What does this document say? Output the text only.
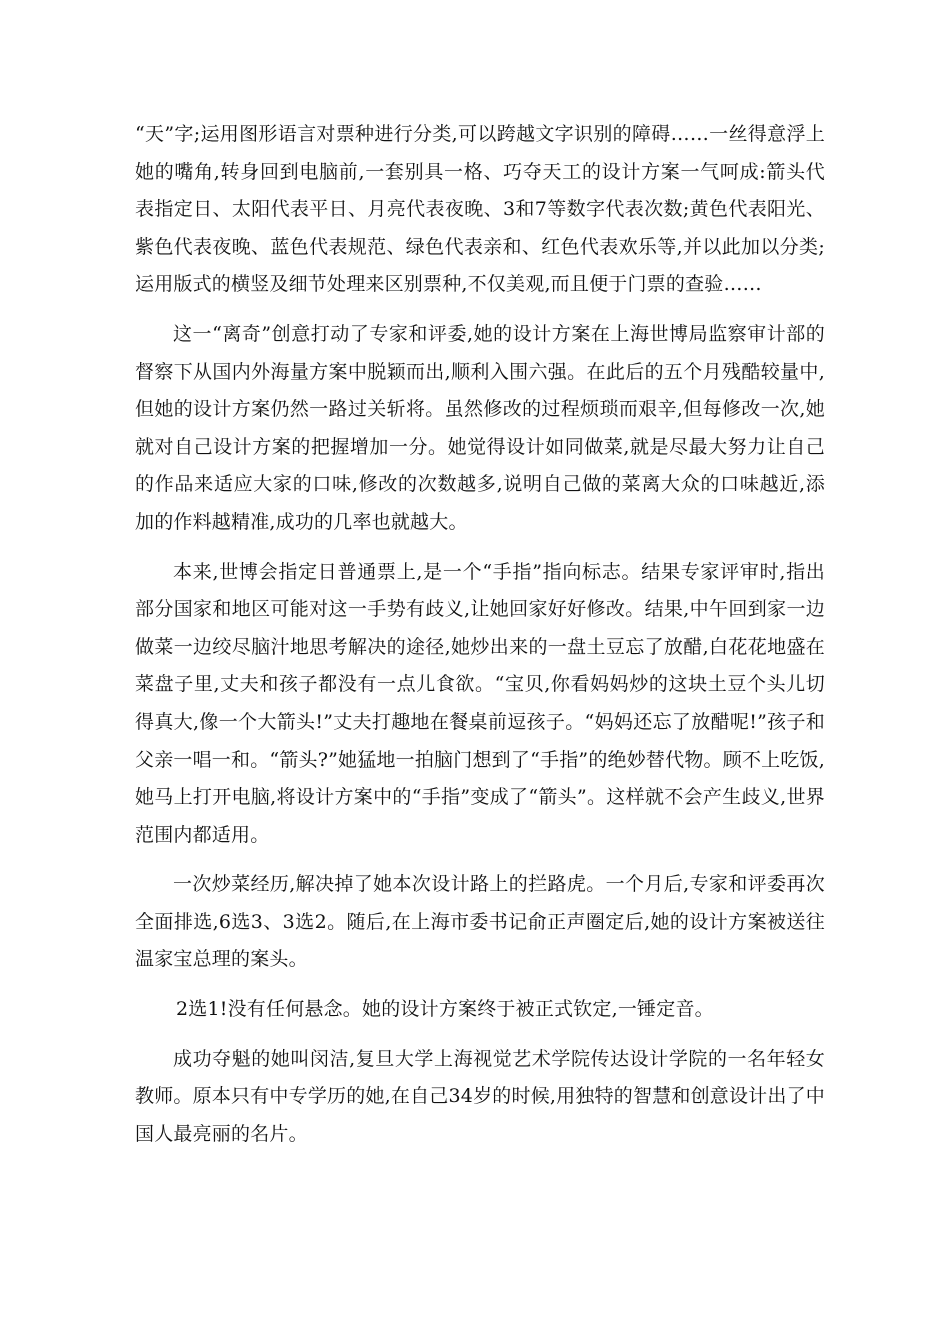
“天”字;运用图形语言对票种进行分类,可以跨越文字识别的障碍……一丝得意浮上她的嘴角,转身回到电脑前,一套别具一格、巧夺天工的设计方案一气呵成:箭头代表指定日、太阳代表平日、月亮代表夜晚、3和7等数字代表次数;黄色代表阳光、紫色代表夜晚、蓝色代表规范、绿色代表亲和、红色代表欢乐等,并以此加以分类;运用版式的横竖及细节处理来区别票种,不仅美观,而且便于门票的查验……

这一“离奇”创意打动了专家和评委,她的设计方案在上海世博局监察审计部的督察下从国内外海量方案中脱颖而出,顺利入围六强。在此后的五个月残酷较量中,但她的设计方案仍然一路过关斩将。虽然修改的过程烦琐而艰辛,但每修改一次,她就对自己设计方案的把握增加一分。她觉得设计如同做菜,就是尽最大努力让自己的作品来适应大家的口味,修改的次数越多,说明自己做的菜离大众的口味越近,添加的作料越精准,成功的几率也就越大。

本来,世博会指定日普通票上,是一个“手指”指向标志。结果专家评审时,指出部分国家和地区可能对这一手势有歧义,让她回家好好修改。结果,中午回到家一边做菜一边绞尽脑汁地思考解决的途径,她炒出来的一盘土豆忘了放醋,白花花地盛在菜盘子里,丈夫和孩子都没有一点儿食欲。“宝贝,你看妈妈炒的这块土豆个头儿切得真大,像一个大箭头!”丈夫打趣地在餐桌前逗孩子。“妈妈还忘了放醋呢!”孩子和父亲一唱一和。“箭头?”她猛地一拍脑门想到了“手指”的绝妙替代物。顾不上吃饭,她马上打开电脑,将设计方案中的“手指”变成了“箭头”。这样就不会产生歧义,世界范围内都适用。

一次炒菜经历,解决掉了她本次设计路上的拦路虎。一个月后,专家和评委再次全面排选,6选3、3选2。随后,在上海市委书记俞正声圈定后,她的设计方案被送往温家宝总理的案头。

2选1!没有任何悬念。她的设计方案终于被正式钦定,一锤定音。

成功夺魁的她叫闵洁,复旦大学上海视觉艺术学院传达设计学院的一名年轻女教师。原本只有中专学历的她,在自己34岁的时候,用独特的智慧和创意设计出了中国人最亮丽的名片。
